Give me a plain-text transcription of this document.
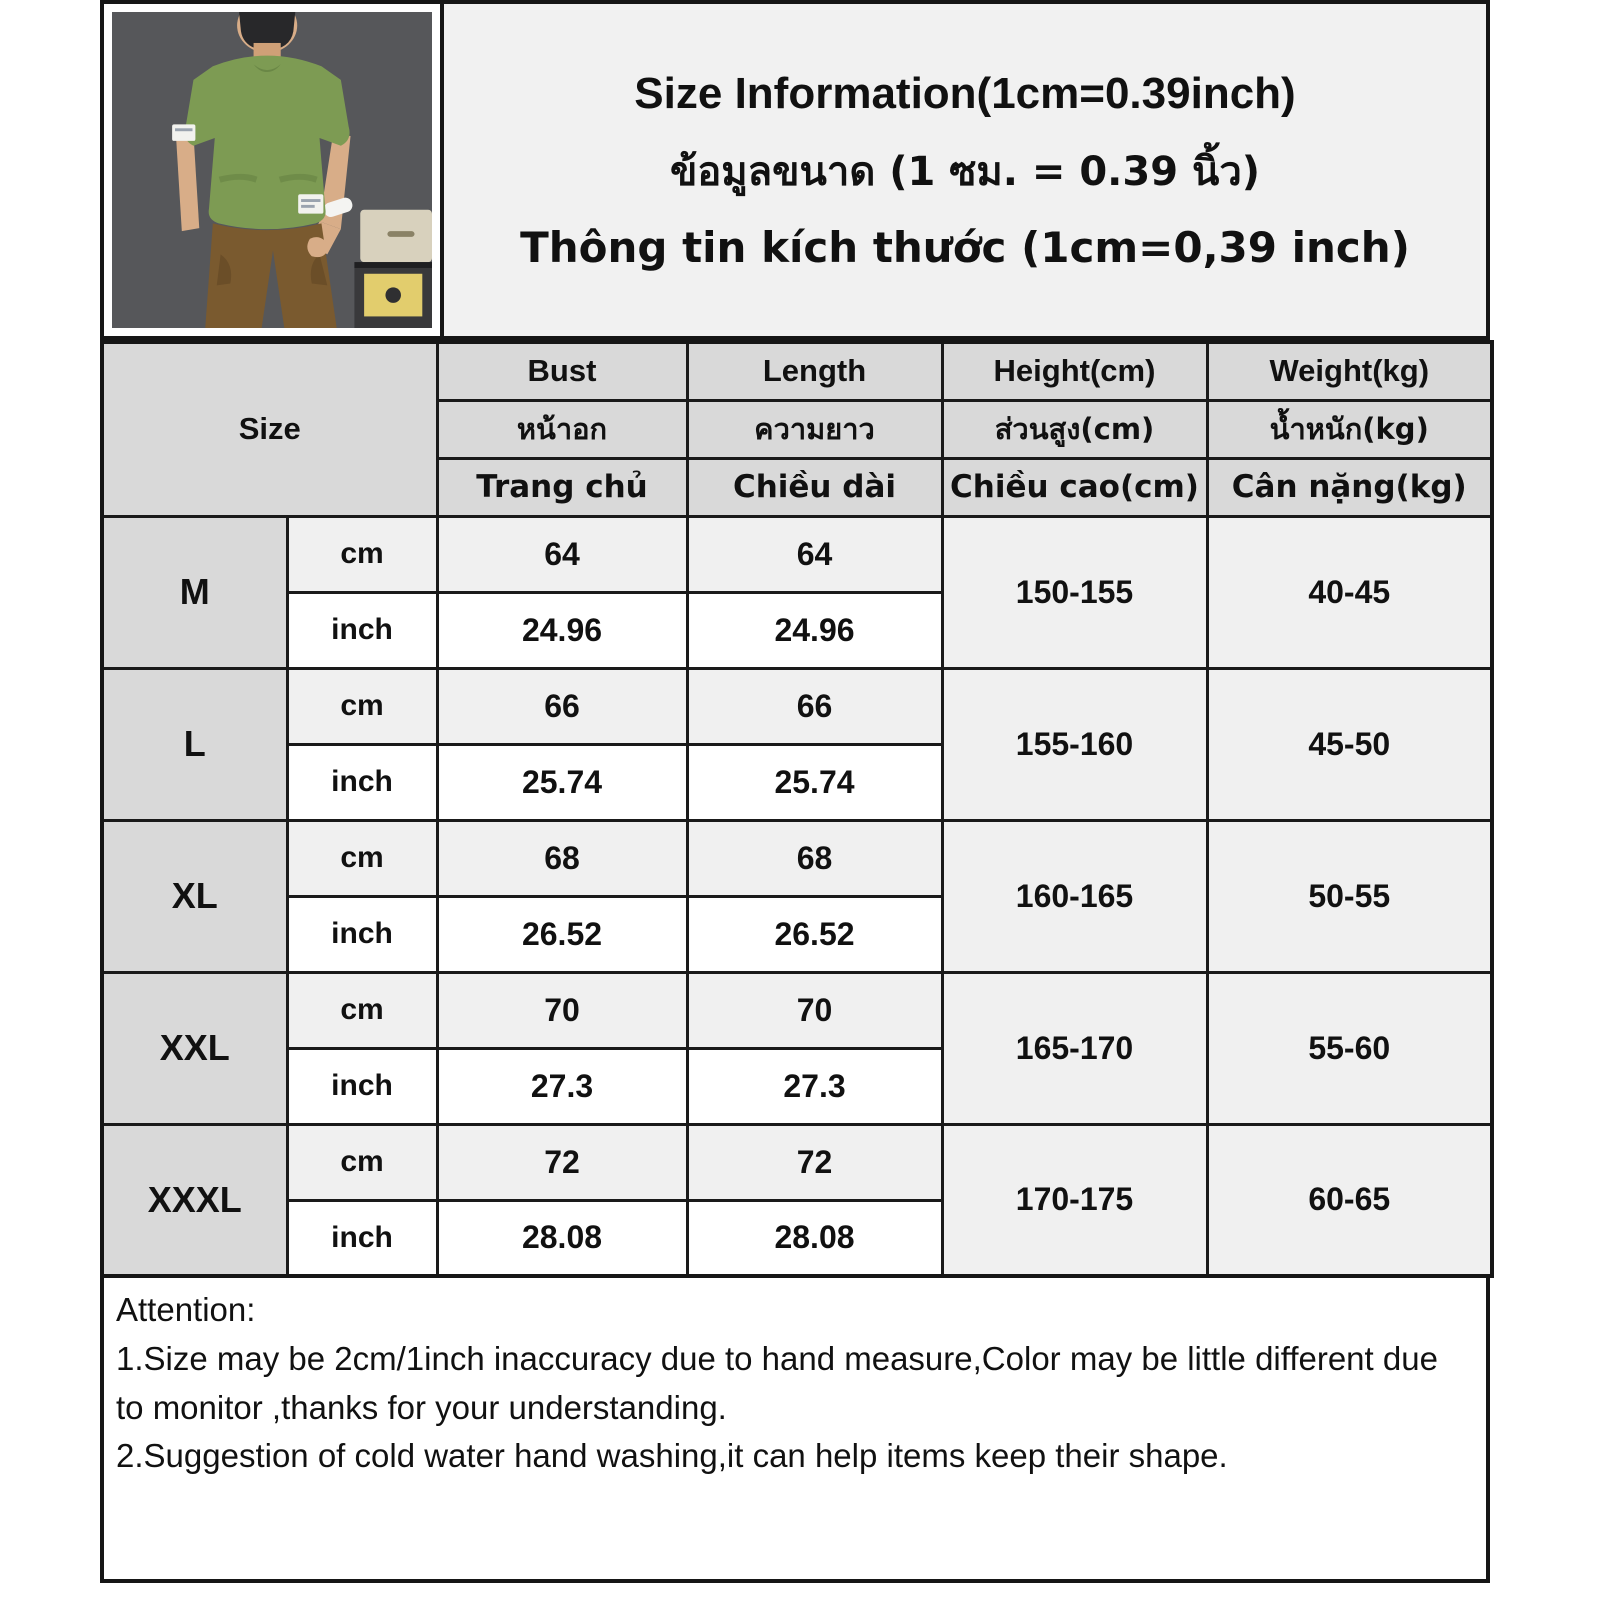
Size Information(1cm=0.39inch)
ข้อมูลขนาด (1 ซม. = 0.39 นิ้ว)
Thông tin kích thước (1cm=0,39 inch)
Size		Bust	Length	Height(cm)	Weight(kg)
		หน้าอก	ความยาว	ส่วนสูง(cm)	น้ำหนัก(kg)
		Trang chủ	Chiều dài	Chiều cao(cm)	Cân nặng(kg)
M	cm	64	64	150-155	40-45
	inch	24.96	24.96		
L	cm	66	66	155-160	45-50
	inch	25.74	25.74		
XL	cm	68	68	160-165	50-55
	inch	26.52	26.52		
XXL	cm	70	70	165-170	55-60
	inch	27.3	27.3		
XXXL	cm	72	72	170-175	60-65
	inch	28.08	28.08		

Attention:

1.Size may be 2cm/1inch inaccuracy due to hand measure,Color may be little different due to monitor ,thanks for your understanding.

2.Suggestion of cold water hand washing,it can help items keep their shape.
